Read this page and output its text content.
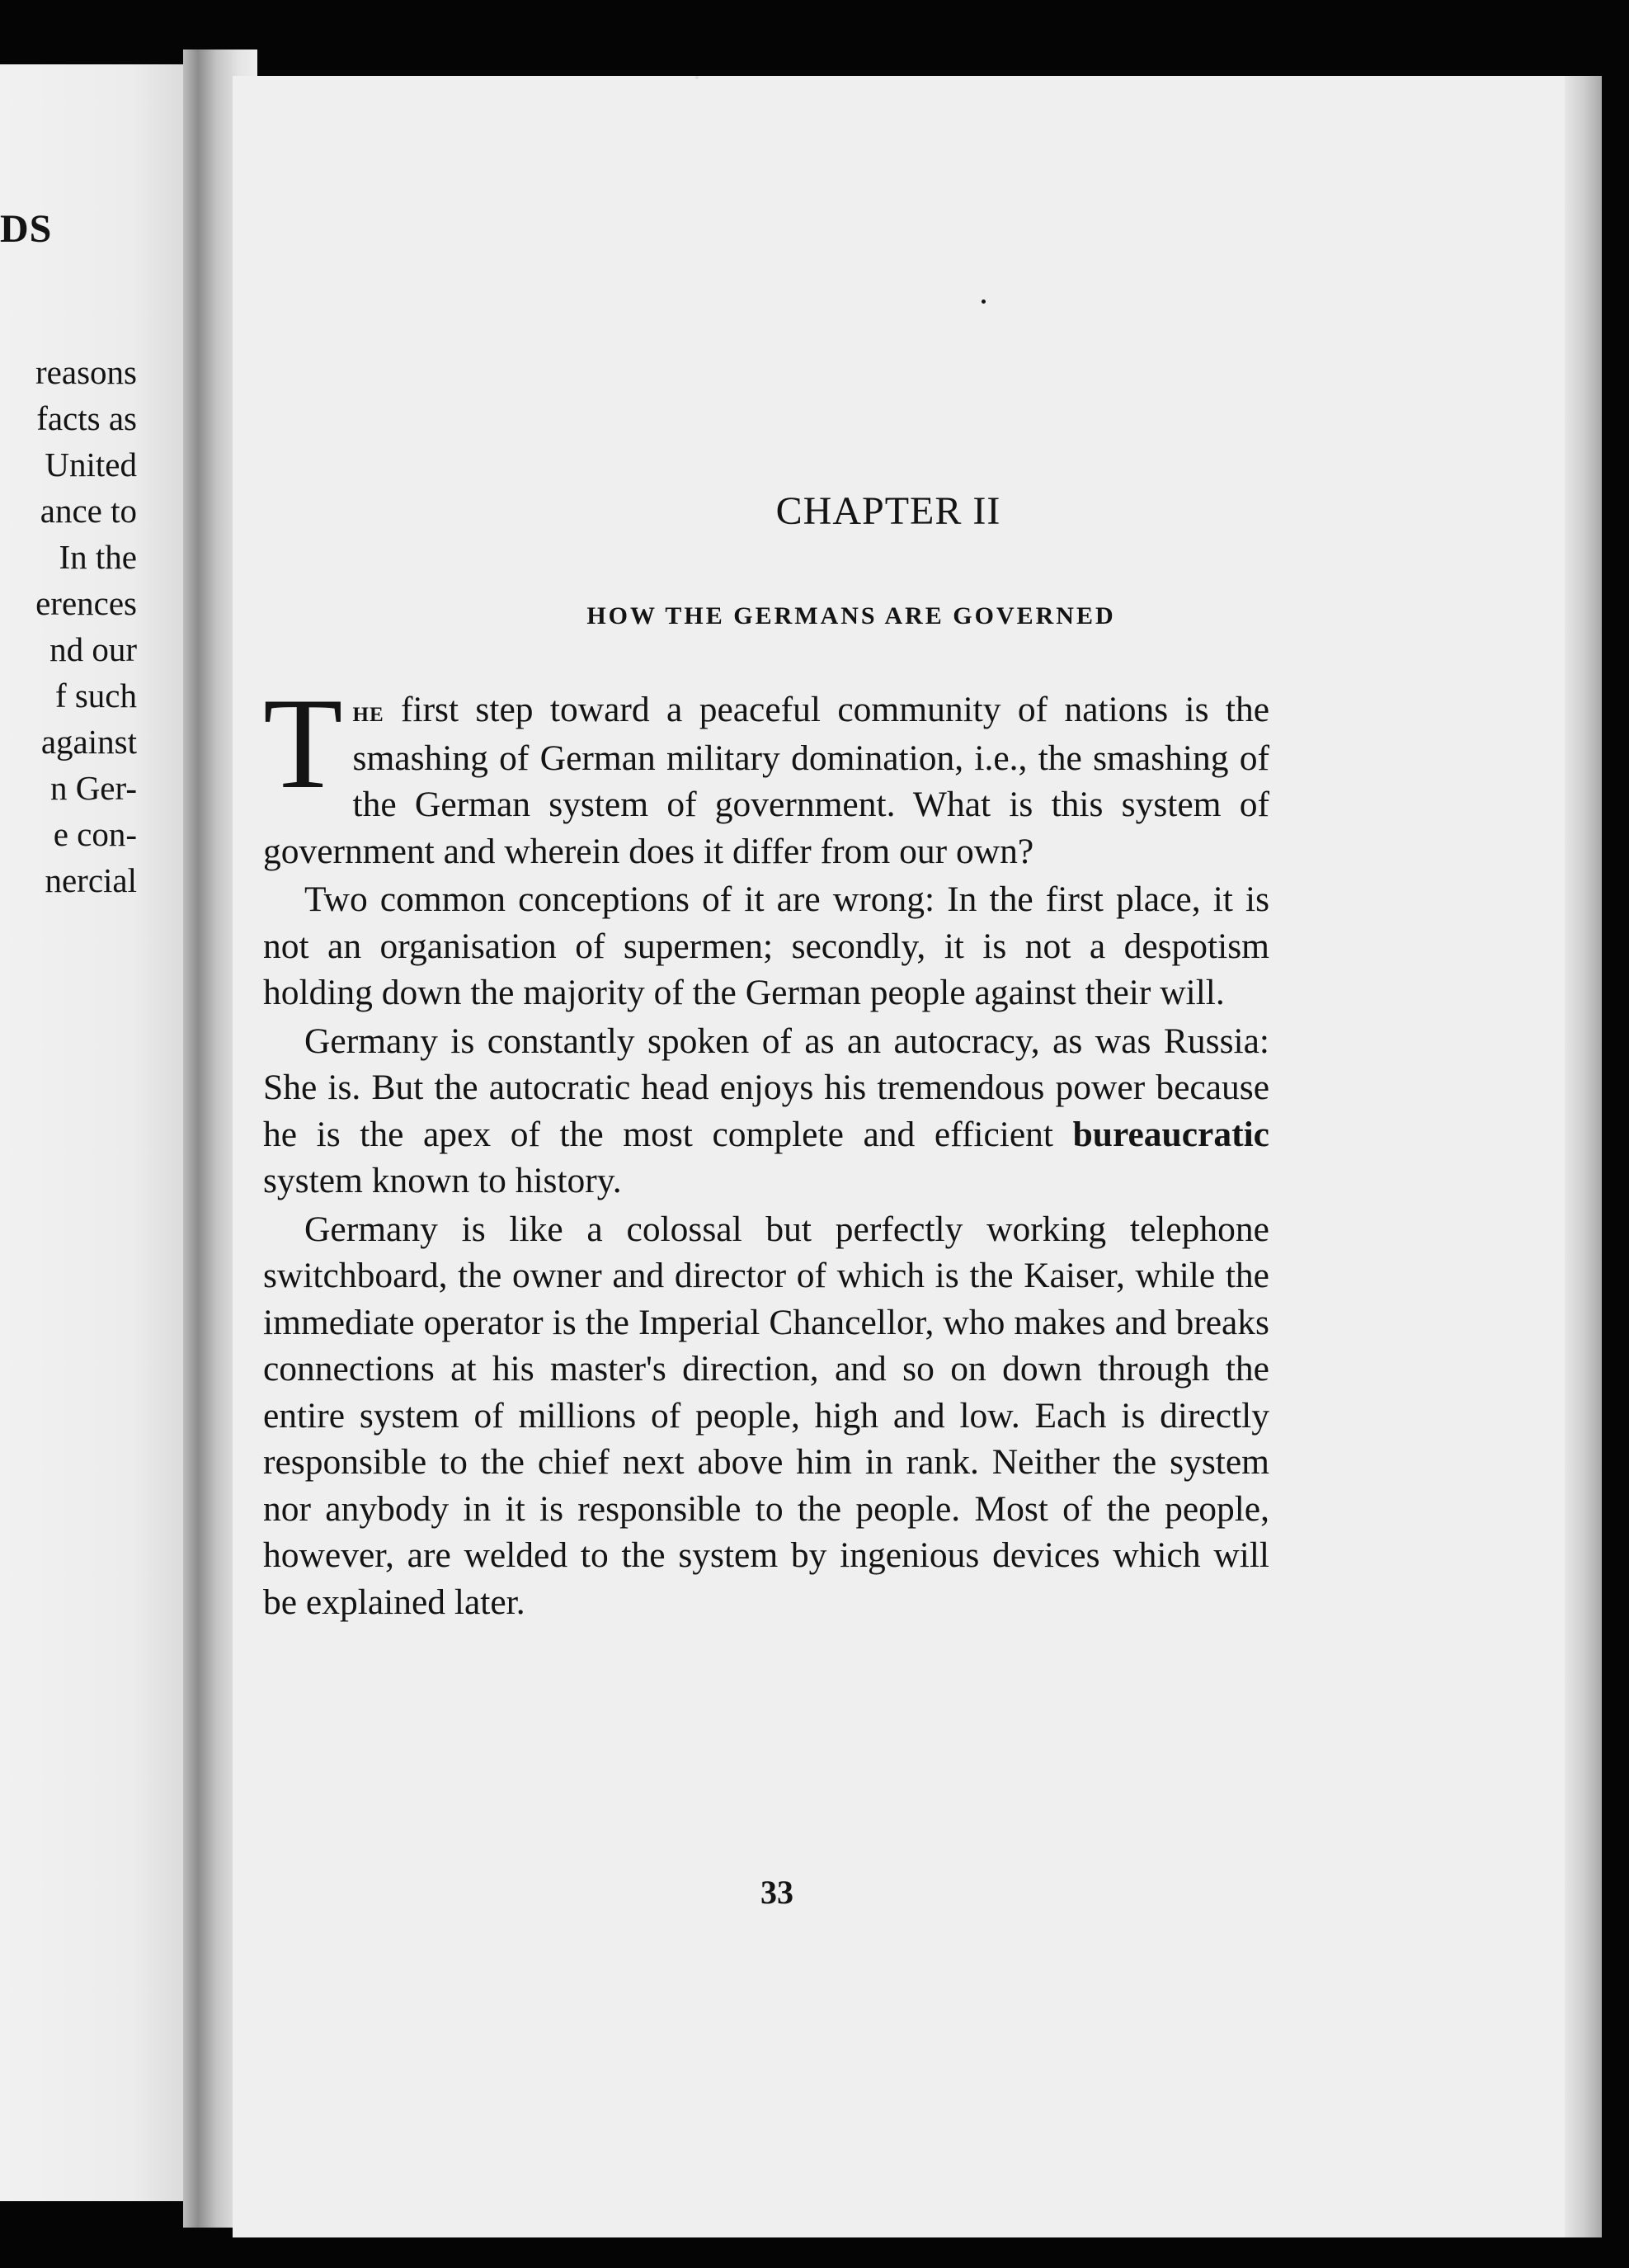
DS
reasons
facts as
United
ance to
In the
erences
nd our
f such
against
n Ger-
e con-
nercial
CHAPTER II
HOW THE GERMANS ARE GOVERNED

The first step toward a peaceful community of nations is the smashing of German military domination, i.e., the smashing of the German system of government. What is this system of government and wherein does it differ from our own?

Two common conceptions of it are wrong: In the first place, it is not an organisation of supermen; secondly, it is not a despotism holding down the majority of the German people against their will.

Germany is constantly spoken of as an autocracy, as was Russia: She is. But the autocratic head enjoys his tremendous power because he is the apex of the most complete and efficient bureaucratic system known to history.

Germany is like a colossal but perfectly working telephone switchboard, the owner and director of which is the Kaiser, while the immediate operator is the Imperial Chancellor, who makes and breaks connections at his master's direction, and so on down through the entire system of millions of people, high and low. Each is directly responsible to the chief next above him in rank. Neither the system nor anybody in it is responsible to the people. Most of the people, however, are welded to the system by ingenious devices which will be explained later.

33
